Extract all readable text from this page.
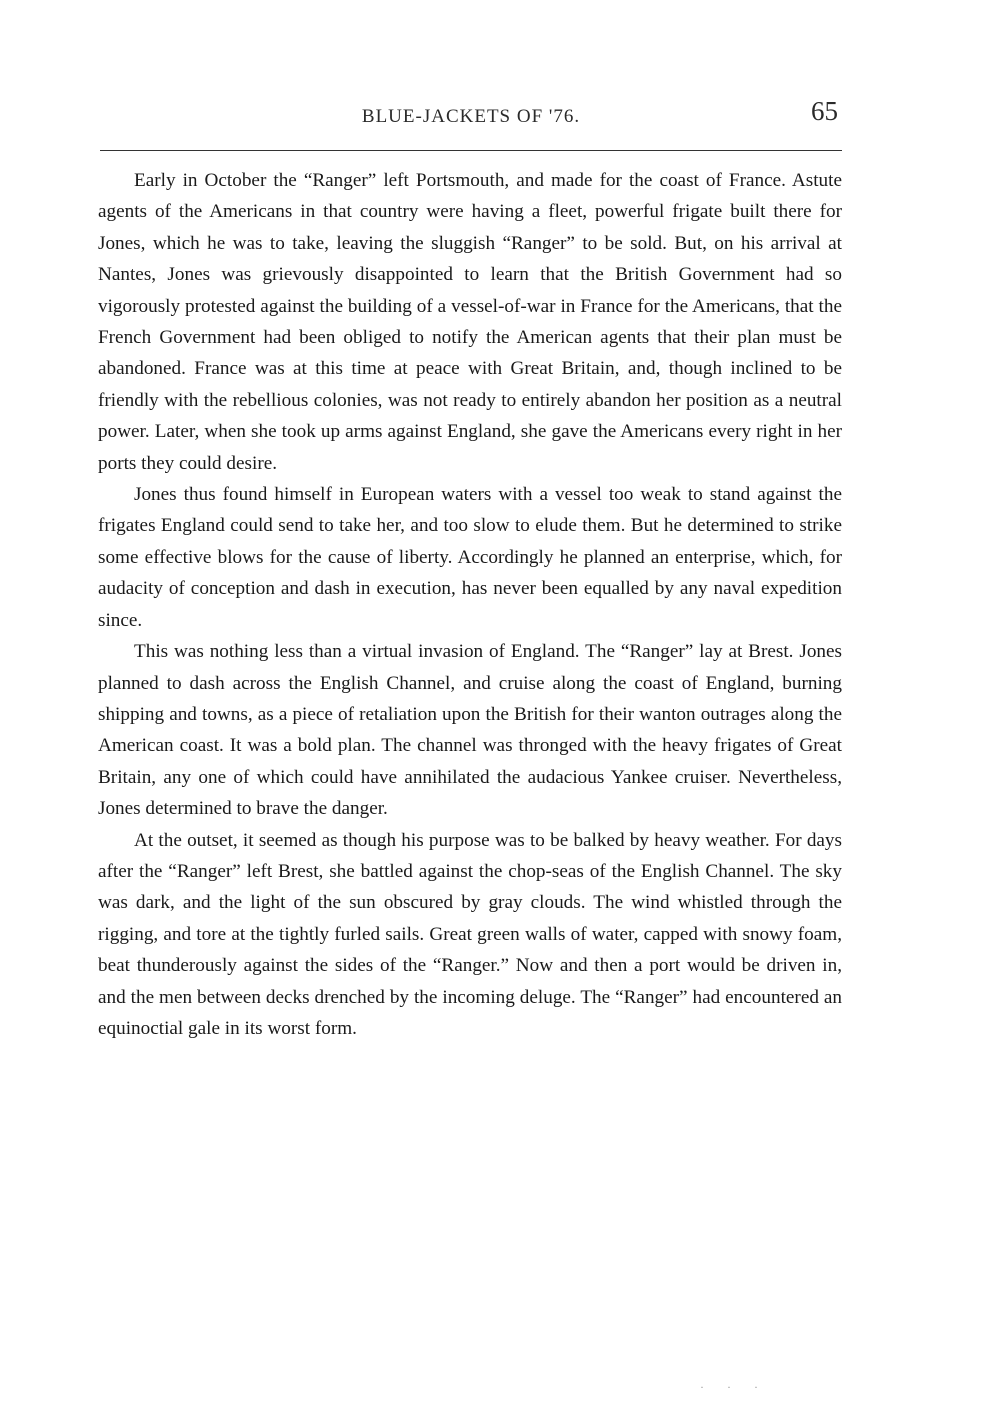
BLUE-JACKETS OF '76.	65

Early in October the “Ranger” left Portsmouth, and made for the coast of France. Astute agents of the Americans in that country were having a fleet, powerful frigate built there for Jones, which he was to take, leaving the sluggish “Ranger” to be sold. But, on his arrival at Nantes, Jones was grievously disappointed to learn that the British Government had so vigorously protested against the building of a vessel-of-war in France for the Americans, that the French Government had been obliged to notify the American agents that their plan must be abandoned. France was at this time at peace with Great Britain, and, though inclined to be friendly with the rebellious colonies, was not ready to entirely abandon her position as a neutral power. Later, when she took up arms against England, she gave the Americans every right in her ports they could desire.

Jones thus found himself in European waters with a vessel too weak to stand against the frigates England could send to take her, and too slow to elude them. But he determined to strike some effective blows for the cause of liberty. Accordingly he planned an enterprise, which, for audacity of conception and dash in execution, has never been equalled by any naval expedition since.

This was nothing less than a virtual invasion of England. The “Ranger” lay at Brest. Jones planned to dash across the English Channel, and cruise along the coast of England, burning shipping and towns, as a piece of retaliation upon the British for their wanton outrages along the American coast. It was a bold plan. The channel was thronged with the heavy frigates of Great Britain, any one of which could have annihilated the audacious Yankee cruiser. Nevertheless, Jones determined to brave the danger.

At the outset, it seemed as though his purpose was to be balked by heavy weather. For days after the “Ranger” left Brest, she battled against the chop-seas of the English Channel. The sky was dark, and the light of the sun obscured by gray clouds. The wind whistled through the rigging, and tore at the tightly furled sails. Great green walls of water, capped with snowy foam, beat thunderously against the sides of the “Ranger.” Now and then a port would be driven in, and the men between decks drenched by the incoming deluge. The “Ranger” had encountered an equinoctial gale in its worst form.

· · ·
